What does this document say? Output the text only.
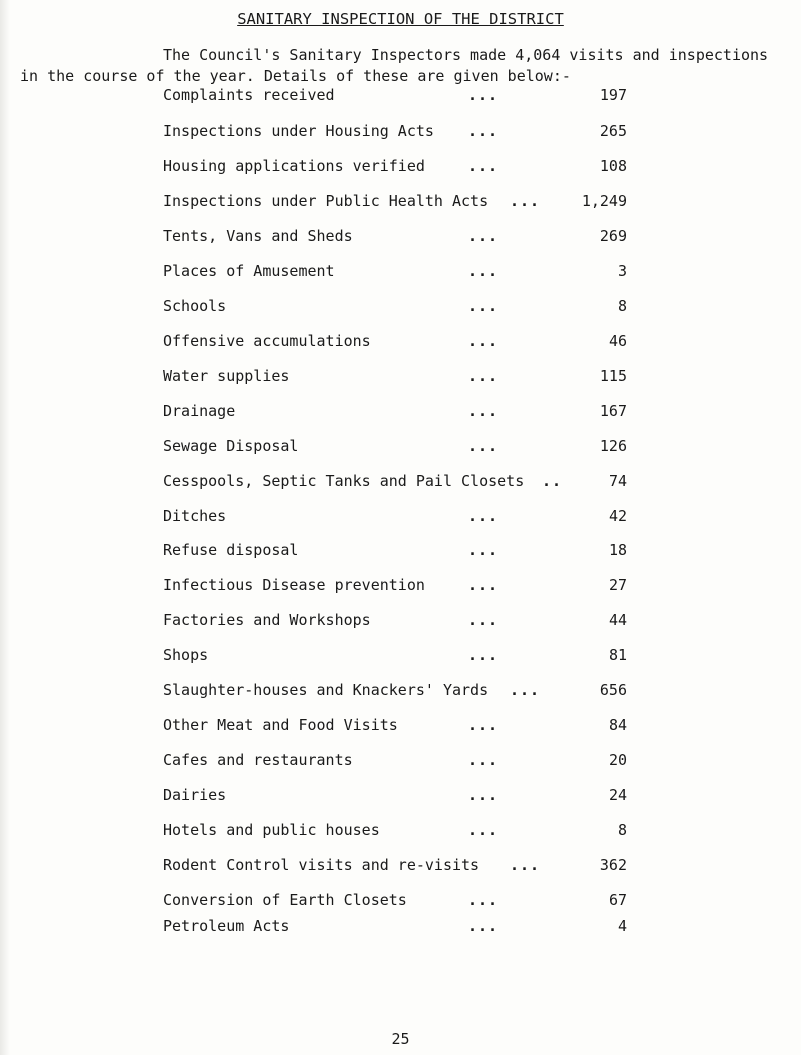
SANITARY INSPECTION OF THE DISTRICT
The Council's Sanitary Inspectors made 4,064 visits and inspections
in the course of the year. Details of these are given below:-
Complaints received	...	197
Inspections under Housing Acts ...	265
Housing applications verified	...	108
Inspections under Public Health Acts ...	1,249
Tents, Vans and Sheds	...	269
Places of Amusement	...	3
Schools	...	8
Offensive accumulations	...	46
Water supplies	...	115
Drainage	...	167
Sewage Disposal	...	126
Cesspools, Septic Tanks and Pail Closets ..	74
Ditches	...	42
Refuse disposal	...	18
Infectious Disease prevention	...	27
Factories and Workshops	...	44
Shops	...	81
Slaughter-houses and Knackers' Yards ...	656
Other Meat and Food Visits	...	84
Cafes and restaurants	...	20
Dairies	...	24
Hotels and public houses	...	8
Rodent Control visits and re-visits ...	362
Conversion of Earth Closets	...	67
Petroleum Acts	...	4
25
